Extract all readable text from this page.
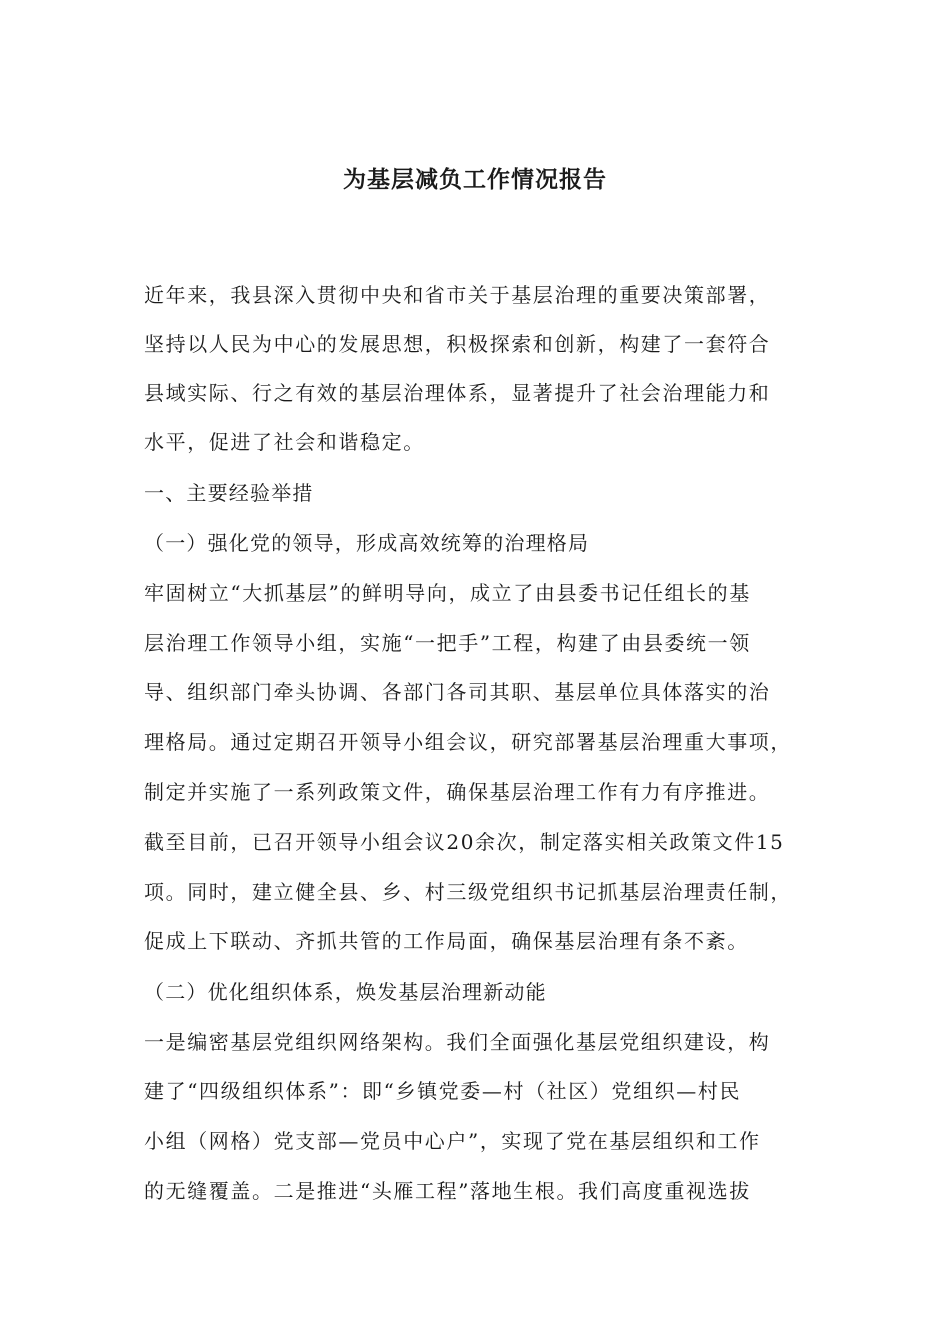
为基层减负工作情况报告

近年来，我县深入贯彻中央和省市关于基层治理的重要决策部署，

坚持以人民为中心的发展思想，积极探索和创新，构建了一套符合

县域实际、行之有效的基层治理体系，显著提升了社会治理能力和

水平，促进了社会和谐稳定。

一、主要经验举措

（一）强化党的领导，形成高效统筹的治理格局

牢固树立“大抓基层”的鲜明导向，成立了由县委书记任组长的基

层治理工作领导小组，实施“一把手”工程，构建了由县委统一领

导、组织部门牵头协调、各部门各司其职、基层单位具体落实的治

理格局。通过定期召开领导小组会议，研究部署基层治理重大事项，

制定并实施了一系列政策文件，确保基层治理工作有力有序推进。

截至目前，已召开领导小组会议20余次，制定落实相关政策文件15

项。同时，建立健全县、乡、村三级党组织书记抓基层治理责任制，

促成上下联动、齐抓共管的工作局面，确保基层治理有条不紊。

（二）优化组织体系，焕发基层治理新动能

一是编密基层党组织网络架构。我们全面强化基层党组织建设，构

建了“四级组织体系”：即“乡镇党委—村（社区）党组织—村民

小组（网格）党支部—党员中心户”，实现了党在基层组织和工作

的无缝覆盖。二是推进“头雁工程”落地生根。我们高度重视选拔
